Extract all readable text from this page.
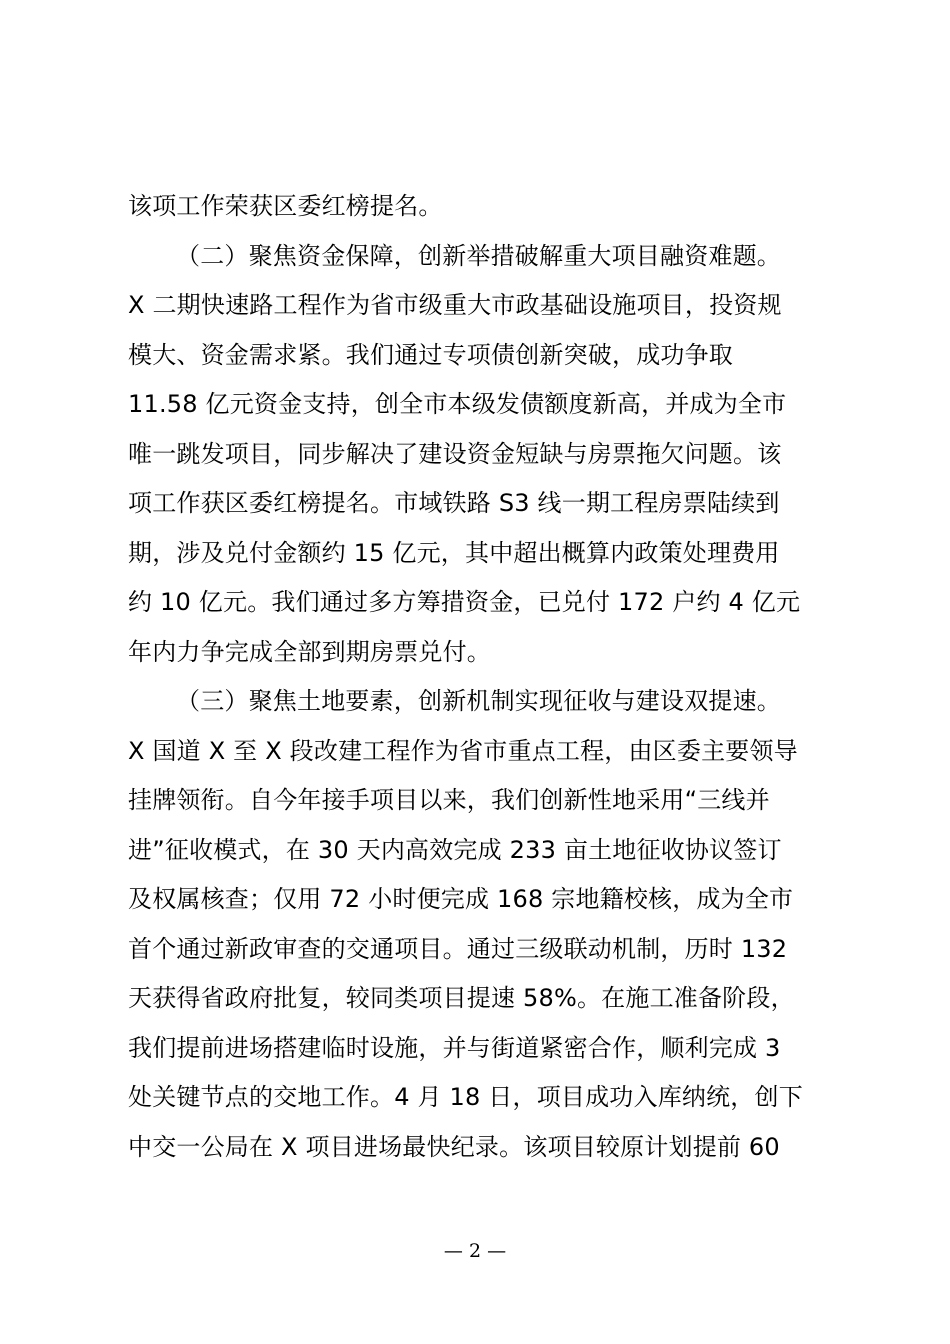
该项工作荣获区委红榜提名。
（二）聚焦资金保障，创新举措破解重大项目融资难题。
X 二期快速路工程作为省市级重大市政基础设施项目，投资规
模大、资金需求紧。我们通过专项债创新突破，成功争取
11.58 亿元资金支持，创全市本级发债额度新高，并成为全市
唯一跳发项目，同步解决了建设资金短缺与房票拖欠问题。该
项工作获区委红榜提名。市域铁路 S3 线一期工程房票陆续到
期，涉及兑付金额约 15 亿元，其中超出概算内政策处理费用
约 10 亿元。我们通过多方筹措资金，已兑付 172 户约 4 亿元
年内力争完成全部到期房票兑付。
（三）聚焦土地要素，创新机制实现征收与建设双提速。
X 国道 X 至 X 段改建工程作为省市重点工程，由区委主要领导
挂牌领衔。自今年接手项目以来，我们创新性地采用“三线并
进”征收模式，在 30 天内高效完成 233 亩土地征收协议签订
及权属核查；仅用 72 小时便完成 168 宗地籍校核，成为全市
首个通过新政审查的交通项目。通过三级联动机制，历时 132
天获得省政府批复，较同类项目提速 58%。在施工准备阶段，
我们提前进场搭建临时设施，并与街道紧密合作，顺利完成 3
处关键节点的交地工作。4 月 18 日，项目成功入库纳统，创下
中交一公局在 X 项目进场最快纪录。该项目较原计划提前 60
— 2 —
